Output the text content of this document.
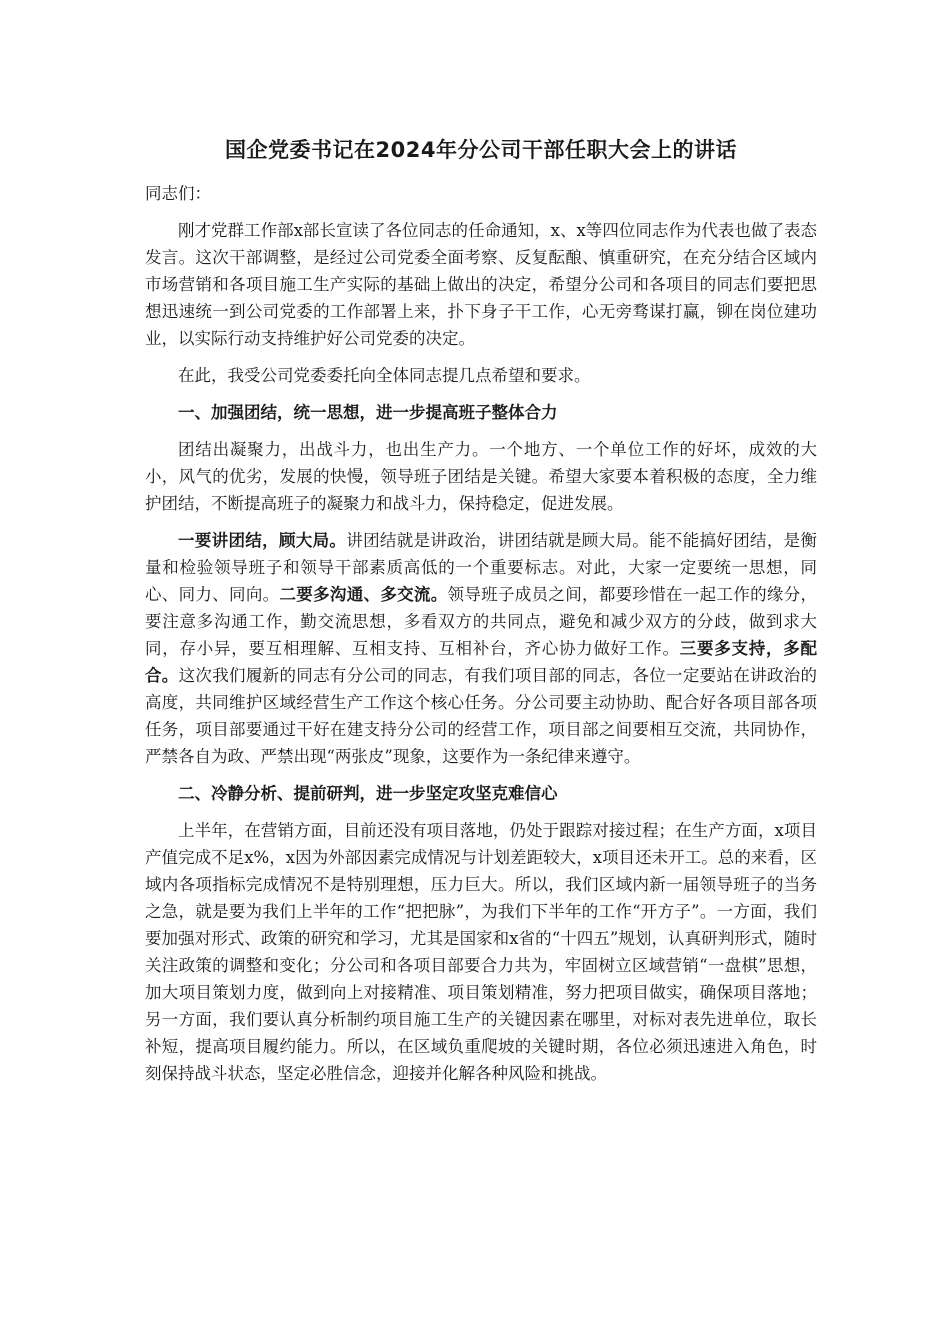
国企党委书记在2024年分公司干部任职大会上的讲话

同志们：

刚才党群工作部x部长宣读了各位同志的任命通知，x、x等四位同志作为代表也做了表态发言。这次干部调整，是经过公司党委全面考察、反复酝酿、慎重研究，在充分结合区域内市场营销和各项目施工生产实际的基础上做出的决定，希望分公司和各项目的同志们要把思想迅速统一到公司党委的工作部署上来，扑下身子干工作，心无旁骛谋打赢，铆在岗位建功业，以实际行动支持维护好公司党委的决定。

在此，我受公司党委委托向全体同志提几点希望和要求。

一、加强团结，统一思想，进一步提高班子整体合力

团结出凝聚力，出战斗力，也出生产力。一个地方、一个单位工作的好坏，成效的大小，风气的优劣，发展的快慢，领导班子团结是关键。希望大家要本着积极的态度，全力维护团结，不断提高班子的凝聚力和战斗力，保持稳定，促进发展。

一要讲团结，顾大局。讲团结就是讲政治，讲团结就是顾大局。能不能搞好团结，是衡量和检验领导班子和领导干部素质高低的一个重要标志。对此，大家一定要统一思想，同心、同力、同向。二要多沟通、多交流。领导班子成员之间，都要珍惜在一起工作的缘分，要注意多沟通工作，勤交流思想，多看双方的共同点，避免和减少双方的分歧，做到求大同，存小异，要互相理解、互相支持、互相补台，齐心协力做好工作。三要多支持，多配合。这次我们履新的同志有分公司的同志，有我们项目部的同志，各位一定要站在讲政治的高度，共同维护区域经营生产工作这个核心任务。分公司要主动协助、配合好各项目部各项任务，项目部要通过干好在建支持分公司的经营工作，项目部之间要相互交流，共同协作，严禁各自为政、严禁出现“两张皮”现象，这要作为一条纪律来遵守。

二、冷静分析、提前研判，进一步坚定攻坚克难信心

上半年，在营销方面，目前还没有项目落地，仍处于跟踪对接过程；在生产方面，x项目产值完成不足x%，x因为外部因素完成情况与计划差距较大，x项目还未开工。总的来看，区域内各项指标完成情况不是特别理想，压力巨大。所以，我们区域内新一届领导班子的当务之急，就是要为我们上半年的工作“把把脉”，为我们下半年的工作“开方子”。一方面，我们要加强对形式、政策的研究和学习，尤其是国家和x省的“十四五”规划，认真研判形式，随时关注政策的调整和变化；分公司和各项目部要合力共为，牢固树立区域营销“一盘棋”思想，加大项目策划力度，做到向上对接精准、项目策划精准，努力把项目做实，确保项目落地；另一方面，我们要认真分析制约项目施工生产的关键因素在哪里，对标对表先进单位，取长补短，提高项目履约能力。所以，在区域负重爬坡的关键时期，各位必须迅速进入角色，时刻保持战斗状态，坚定必胜信念，迎接并化解各种风险和挑战。
